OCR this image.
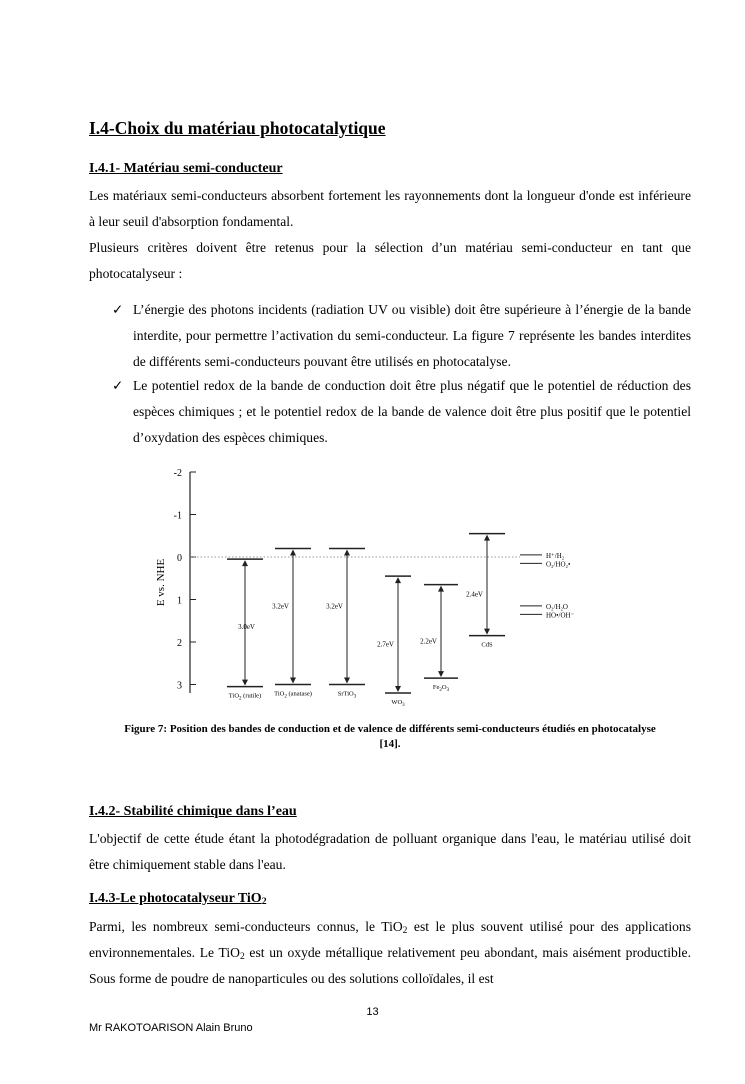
I.4-Choix du matériau photocatalytique
I.4.1- Matériau semi-conducteur
Les matériaux semi-conducteurs absorbent fortement les rayonnements dont la longueur d'onde est inférieure à leur seuil d'absorption fondamental.
Plusieurs critères doivent être retenus pour la sélection d’un matériau semi-conducteur en tant que photocatalyseur :
✓ L’énergie des photons incidents (radiation UV ou visible) doit être supérieure à l’énergie de la bande interdite, pour permettre l’activation du semi-conducteur. La figure 7 représente les bandes interdites de différents semi-conducteurs pouvant être utilisés en photocatalyse.
✓ Le potentiel redox de la bande de conduction doit être plus négatif que le potentiel de réduction des espèces chimiques ; et le potentiel redox de la bande de valence doit être plus positif que le potentiel d’oxydation des espèces chimiques.
-2
-1
0
1
2
3
3.0eV
TiO$_2$ (rutile)
3.2eV
TiO$_2$ (anatase)
3.2eV
SrTiO$_3$
2.7eV
$WO_3$
2.2eV
$Fe_2O_3$
2.4eV
CdS
H⁺/H₂
O₂/HO₂•
O₂/H₂O
HO•/OH⁻
E vs. NHE
Figure 7: Position des bandes de conduction et de valence de différents semi-conducteurs étudiés en photocatalyse [14].
I.4.2- Stabilité chimique dans l’eau
L'objectif de cette étude étant la photodégradation de polluant organique dans l'eau, le matériau utilisé doit être chimiquement stable dans l'eau.
I.4.3-Le photocatalyseur TiO$_2$
Parmi, les nombreux semi-conducteurs connus, le TiO$_2$ est le plus souvent utilisé pour des applications environnementales. Le TiO$_2$ est un oxyde métallique relativement peu abondant, mais aisément productible. Sous forme de poudre de nanoparticules ou des solutions colloïdales, il est
13
Mr RAKOTOARISON Alain Bruno
